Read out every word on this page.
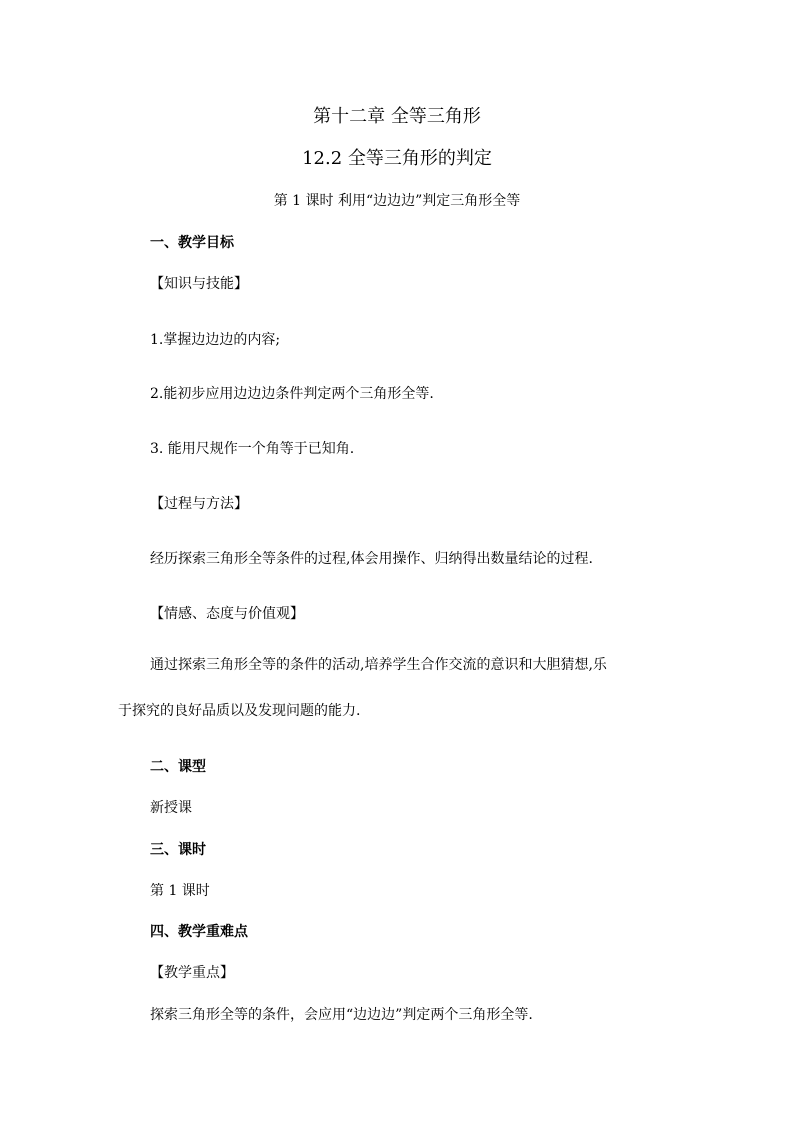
第十二章 全等三角形
12.2 全等三角形的判定
第 1 课时 利用“边边边”判定三角形全等
一、教学目标
【知识与技能】
1.掌握边边边的内容;
2.能初步应用边边边条件判定两个三角形全等.
3. 能用尺规作一个角等于已知角.
【过程与方法】
经历探索三角形全等条件的过程,体会用操作、归纳得出数量结论的过程.
【情感、态度与价值观】
通过探索三角形全等的条件的活动,培养学生合作交流的意识和大胆猜想,乐
于探究的良好品质以及发现问题的能力.
二、课型
新授课
三、课时
第 1 课时
四、教学重难点
【教学重点】
探索三角形全等的条件，会应用“边边边”判定两个三角形全等.
